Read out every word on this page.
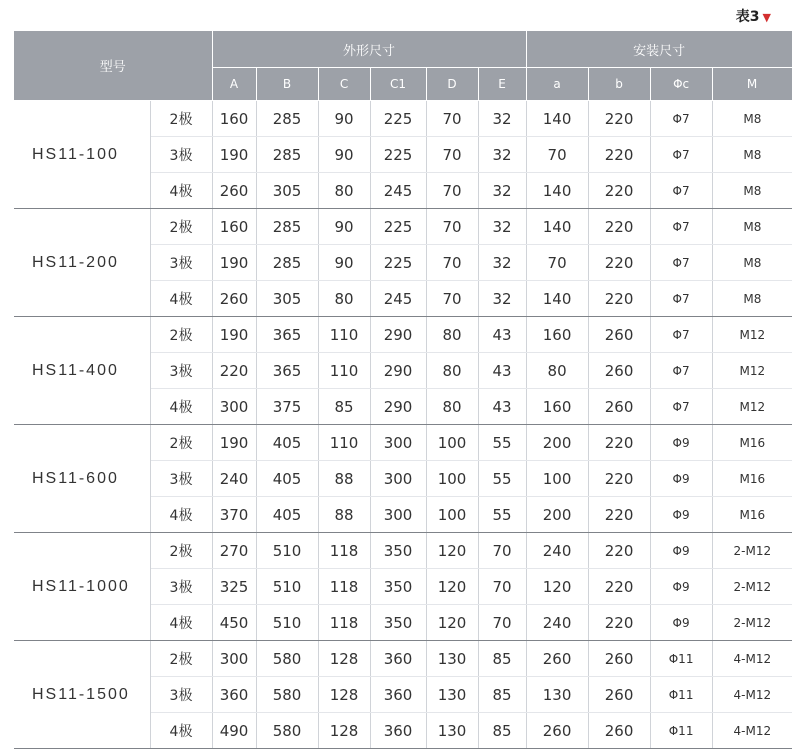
表3 ▼
型号		外形尺寸						安装尺寸			
		A	B	C	C1	D	E	a	b	Φc	M
HS11-100	2极	160	285	90	225	70	32	140	220	Φ7	M8
	3极	190	285	90	225	70	32	70	220	Φ7	M8
	4极	260	305	80	245	70	32	140	220	Φ7	M8
HS11-200	2极	160	285	90	225	70	32	140	220	Φ7	M8
	3极	190	285	90	225	70	32	70	220	Φ7	M8
	4极	260	305	80	245	70	32	140	220	Φ7	M8
HS11-400	2极	190	365	110	290	80	43	160	260	Φ7	M12
	3极	220	365	110	290	80	43	80	260	Φ7	M12
	4极	300	375	85	290	80	43	160	260	Φ7	M12
HS11-600	2极	190	405	110	300	100	55	200	220	Φ9	M16
	3极	240	405	88	300	100	55	100	220	Φ9	M16
	4极	370	405	88	300	100	55	200	220	Φ9	M16
HS11-1000	2极	270	510	118	350	120	70	240	220	Φ9	2-M12
	3极	325	510	118	350	120	70	120	220	Φ9	2-M12
	4极	450	510	118	350	120	70	240	220	Φ9	2-M12
HS11-1500	2极	300	580	128	360	130	85	260	260	Φ11	4-M12
	3极	360	580	128	360	130	85	130	260	Φ11	4-M12
	4极	490	580	128	360	130	85	260	260	Φ11	4-M12
